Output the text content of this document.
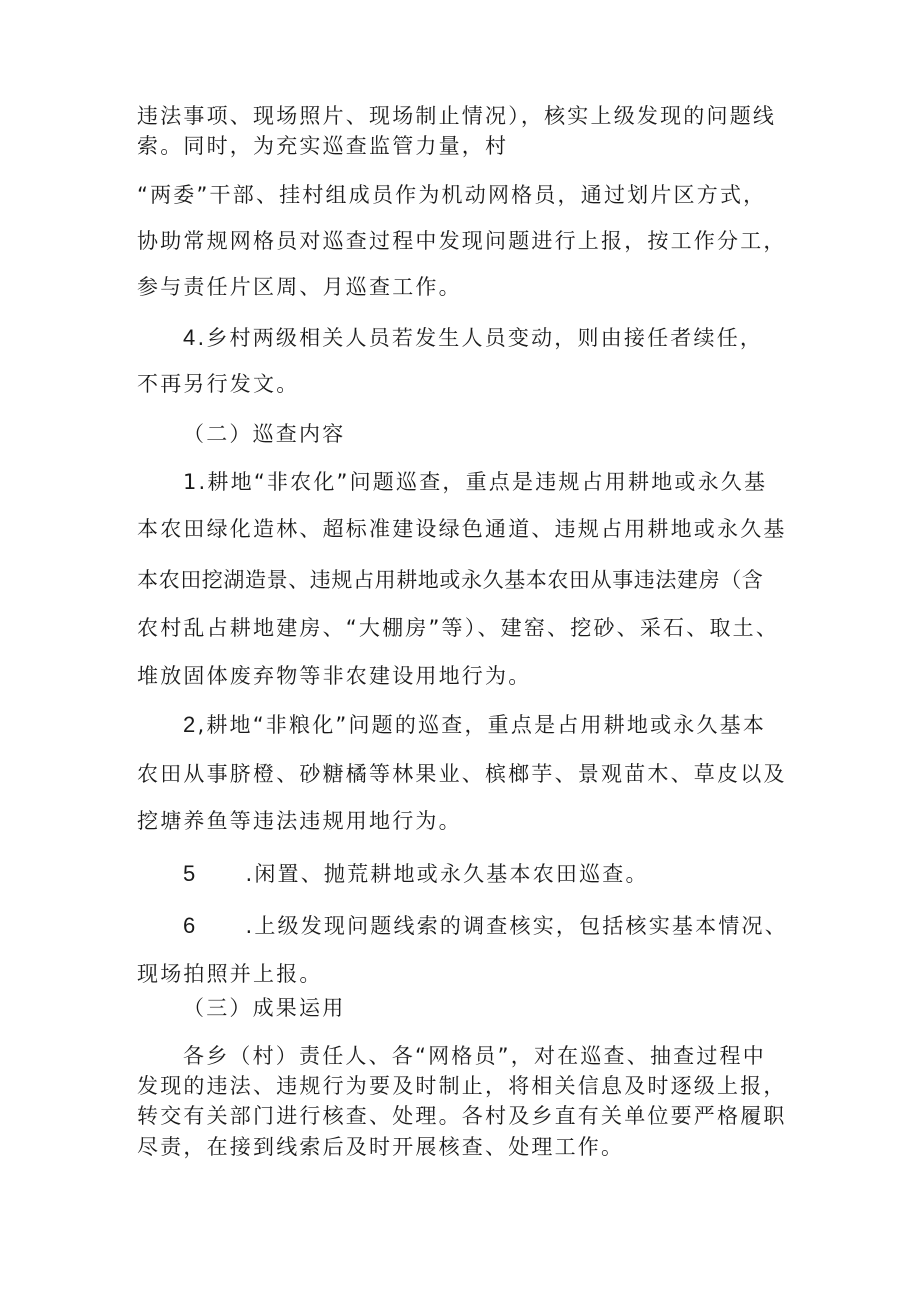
违法事项、现场照片、现场制止情况），核实上级发现的问题线
索。同时，为充实巡查监管力量，村
“两委”干部、挂村组成员作为机动网格员，通过划片区方式，
协助常规网格员对巡查过程中发现问题进行上报，按工作分工，
参与责任片区周、月巡查工作。
4.乡村两级相关人员若发生人员变动，则由接任者续任，
不再另行发文。
（二）巡查内容
1.耕地“非农化”问题巡查，重点是违规占用耕地或永久基
本农田绿化造林、超标准建设绿色通道、违规占用耕地或永久基
本农田挖湖造景、违规占用耕地或永久基本农田从事违法建房（含
农村乱占耕地建房、“大棚房”等）、建窑、挖砂、采石、取土、
堆放固体废弃物等非农建设用地行为。
2,耕地“非粮化”问题的巡查，重点是占用耕地或永久基本
农田从事脐橙、砂糖橘等林果业、槟榔芋、景观苗木、草皮以及
挖塘养鱼等违法违规用地行为。
5 .闲置、抛荒耕地或永久基本农田巡查。
6 .上级发现问题线索的调查核实，包括核实基本情况、
现场拍照并上报。
（三）成果运用
各乡（村）责任人、各“网格员”，对在巡查、抽查过程中
发现的违法、违规行为要及时制止，将相关信息及时逐级上报，
转交有关部门进行核查、处理。各村及乡直有关单位要严格履职
尽责，在接到线索后及时开展核查、处理工作。
